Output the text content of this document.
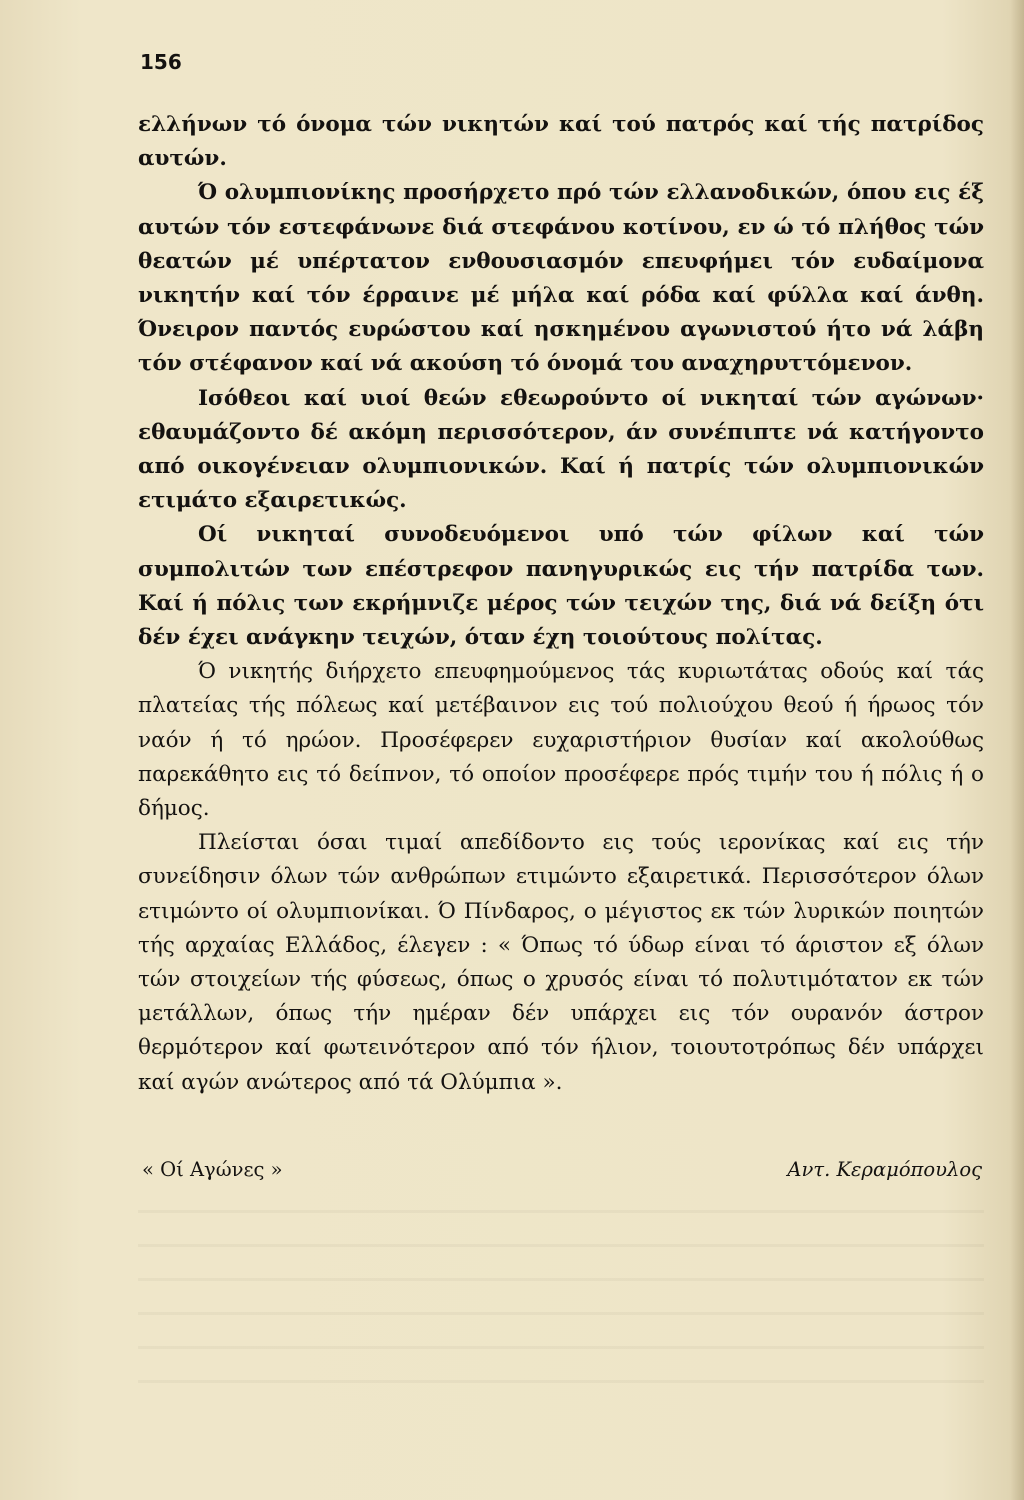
156

ελλήνων τό όνομα τών νικητών καί τού πατρός καί τής πατρίδος αυτών.

Ό ολυμπιονίκης προσήρχετο πρό τών ελλανοδικών, όπου εις έξ αυτών τόν εστεφάνωνε διά στεφάνου κοτίνου, εν ώ τό πλήθος τών θεατών μέ υπέρτατον ενθουσιασμόν επευφήμει τόν ευδαίμονα νικητήν καί τόν έρραινε μέ μήλα καί ρόδα καί φύλλα καί άνθη. Όνειρον παντός ευρώστου καί ησκημένου αγωνιστού ήτο νά λάβη τόν στέφανον καί νά ακούση τό όνομά του αναχηρυττόμενον.

Ισόθεοι καί υιοί θεών εθεωρούντο οί νικηταί τών αγώνων· εθαυμάζοντο δέ ακόμη περισσότερον, άν συνέπιπτε νά κατήγοντο από οικογένειαν ολυμπιονικών. Καί ή πατρίς τών ολυμπιονικών ετιμάτο εξαιρετικώς.

Οί νικηταί συνοδευόμενοι υπό τών φίλων καί τών συμπολιτών των επέστρεφον πανηγυρικώς εις τήν πατρίδα των. Καί ή πόλις των εκρήμνιζε μέρος τών τειχών της, διά νά δείξη ότι δέν έχει ανάγκην τειχών, όταν έχη τοιούτους πολίτας.

Ό νικητής διήρχετο επευφημούμενος τάς κυριωτάτας οδούς καί τάς πλατείας τής πόλεως καί μετέβαινον εις τού πολιούχου θεού ή ήρωος τόν ναόν ή τό ηρώον. Προσέφερεν ευχαριστήριον θυσίαν καί ακολούθως παρεκάθητο εις τό δείπνον, τό οποίον προσέφερε πρός τιμήν του ή πόλις ή ο δήμος.

Πλείσται όσαι τιμαί απεδίδοντο εις τούς ιερονίκας καί εις τήν συνείδησιν όλων τών ανθρώπων ετιμώντο εξαιρετικά. Περισσότερον όλων ετιμώντο οί ολυμπιονίκαι. Ό Πίνδαρος, ο μέγιστος εκ τών λυρικών ποιητών τής αρχαίας Ελλάδος, έλεγεν : « Όπως τό ύδωρ είναι τό άριστον εξ όλων τών στοιχείων τής φύσεως, όπως ο χρυσός είναι τό πολυτιμότατον εκ τών μετάλλων, όπως τήν ημέραν δέν υπάρχει εις τόν ουρανόν άστρον θερμότερον καί φωτεινότερον από τόν ήλιον, τοιουτοτρόπως δέν υπάρχει καί αγών ανώτερος από τά Ολύμπια ».

« Οί Αγώνες »	Αντ. Κεραμόπουλος
